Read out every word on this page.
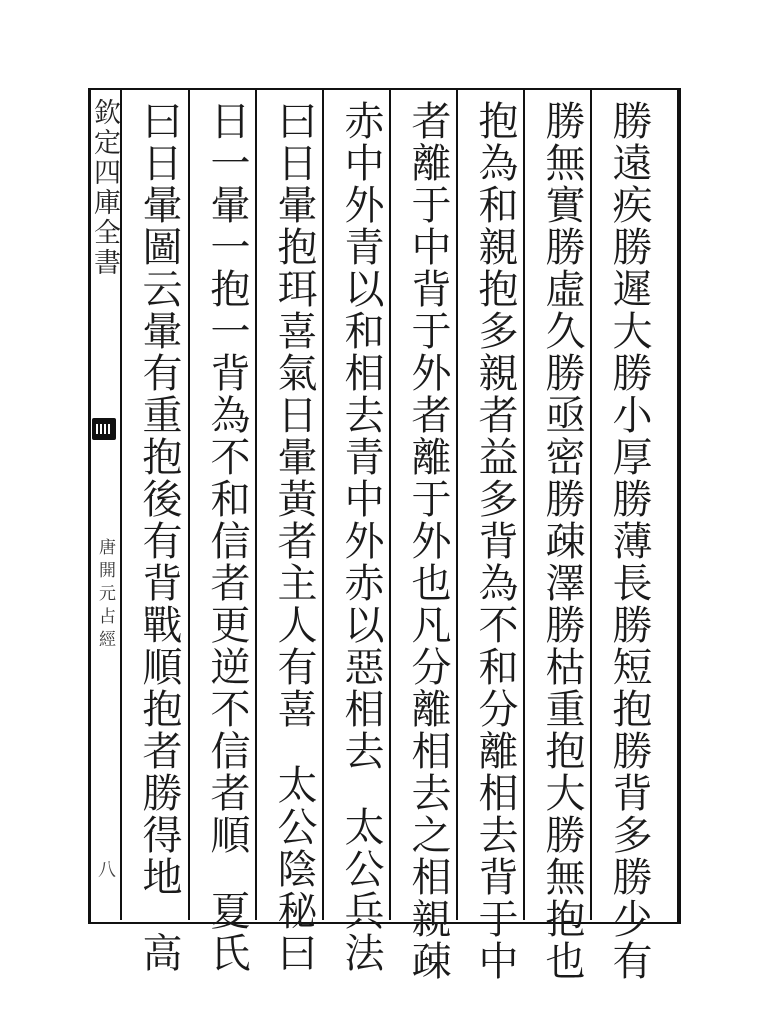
欽定四庫全書
唐開元占經
八	勝遠疾勝遲大勝小厚勝薄長勝短抱勝背多勝少有
勝無實勝虛久勝亟密勝疎澤勝枯重抱大勝無抱也
抱為和親抱多親者益多背為不和分離相去背于中
者離于中背于外者離于外也凡分離相去之相親疎
赤中外青以和相去青中外赤以惡相去太公兵法
曰日暈抱珥喜氣日暈黃者主人有喜太公陰秘曰
日一暈一抱一背為不和信者更逆不信者順夏氏
曰日暈圖云暈有重抱後有背戰順抱者勝得地高
